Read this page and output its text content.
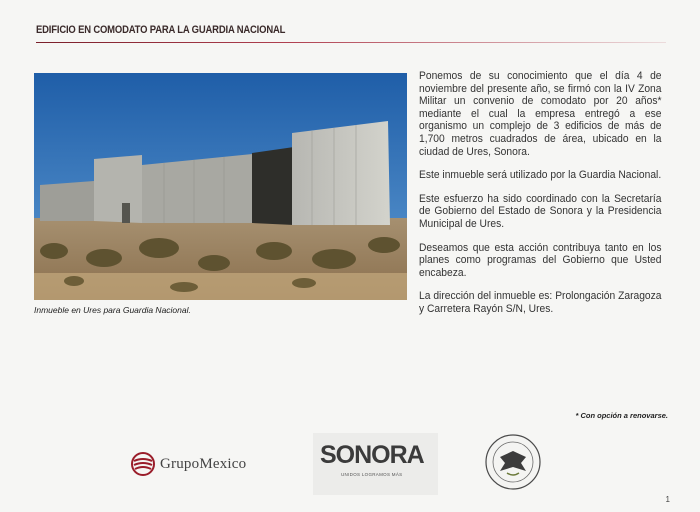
EDIFICIO EN COMODATO PARA LA GUARDIA NACIONAL
Inmueble en Ures para Guardia Nacional.

Ponemos de su conocimiento que el día 4 de noviembre del presente año, se firmó con la IV Zona Militar un convenio de comodato por 20 años* mediante el cual la empresa entregó a ese organismo un complejo de 3 edificios de más de 1,700 metros cuadrados de área, ubicado en la ciudad de Ures, Sonora.

Este inmueble será utilizado por la Guardia Nacional.

Este esfuerzo ha sido coordinado con la Secretaría de Gobierno del Estado de Sonora y la Presidencia Municipal de Ures.

Deseamos que esta acción contribuya tanto en los planes como programas del Gobierno que Usted encabeza.

La dirección del inmueble es: Prolongación Zaragoza y Carretera Rayón S/N, Ures.

* Con opción a renovarse.
GrupoMexico	SONORA
UNIDOS LOGRAMOS MÁS
1
